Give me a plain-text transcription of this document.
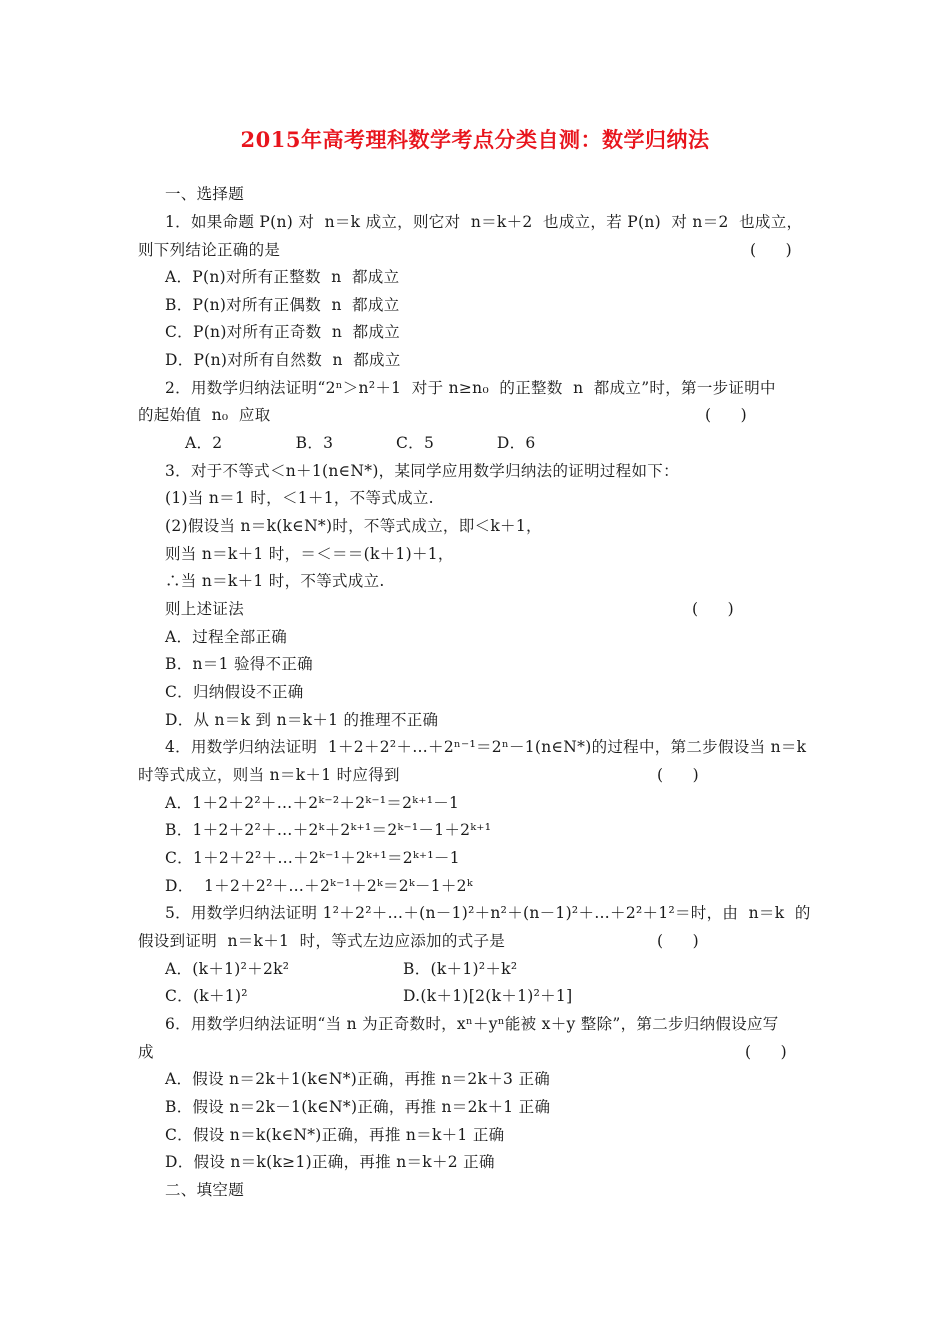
2015年高考理科数学考点分类自测：数学归纳法
一、选择题
1．如果命题 P(n) 对  n＝k 成立，则它对  n＝k＋2  也成立，若 P(n)  对 n＝2  也成立，
则下列结论正确的是
A．P(n)对所有正整数  n  都成立
B．P(n)对所有正偶数  n  都成立
C．P(n)对所有正奇数  n  都成立
D．P(n)对所有自然数  n  都成立
2．用数学归纳法证明“2ⁿ＞n²＋1  对于 n≥n₀  的正整数  n  都成立”时，第一步证明中
的起始值  n₀  应取
A．2              B．3            C．5            D．6
3．对于不等式＜n＋1(n∈N*)，某同学应用数学归纳法的证明过程如下：
(1)当 n＝1 时，＜1＋1，不等式成立.
(2)假设当 n＝k(k∈N*)时，不等式成立，即＜k＋1，
则当 n＝k＋1 时，＝＜＝＝(k＋1)＋1，
∴当 n＝k＋1 时，不等式成立.
则上述证法
A．过程全部正确
B．n＝1 验得不正确
C．归纳假设不正确
D．从 n＝k 到 n＝k＋1 的推理不正确
4．用数学归纳法证明  1＋2＋2²＋…＋2ⁿ⁻¹＝2ⁿ－1(n∈N*)的过程中，第二步假设当 n＝k
时等式成立，则当 n＝k＋1 时应得到
A．1＋2＋2²＋…＋2ᵏ⁻²＋2ᵏ⁻¹＝2ᵏ⁺¹－1
B．1＋2＋2²＋…＋2ᵏ＋2ᵏ⁺¹＝2ᵏ⁻¹－1＋2ᵏ⁺¹
C．1＋2＋2²＋…＋2ᵏ⁻¹＋2ᵏ⁺¹＝2ᵏ⁺¹－1
D．  1＋2＋2²＋…＋2ᵏ⁻¹＋2ᵏ＝2ᵏ－1＋2ᵏ
5．用数学归纳法证明 1²＋2²＋…＋(n－1)²＋n²＋(n－1)²＋…＋2²＋1²＝时，由  n＝k  的
假设到证明  n＝k＋1  时，等式左边应添加的式子是
A．(k＋1)²＋2k²	B．(k＋1)²＋k²
C．(k＋1)²	D.(k＋1)[2(k＋1)²＋1]
6．用数学归纳法证明“当 n 为正奇数时，xⁿ＋yⁿ能被 x＋y 整除”，第二步归纳假设应写
成
A．假设 n＝2k＋1(k∈N*)正确，再推 n＝2k＋3 正确
B．假设 n＝2k－1(k∈N*)正确，再推 n＝2k＋1 正确
C．假设 n＝k(k∈N*)正确，再推 n＝k＋1 正确
D．假设 n＝k(k≥1)正确，再推 n＝k＋2 正确
二、填空题
(      )
(      )
(      )
(      )
(      )
(      )
